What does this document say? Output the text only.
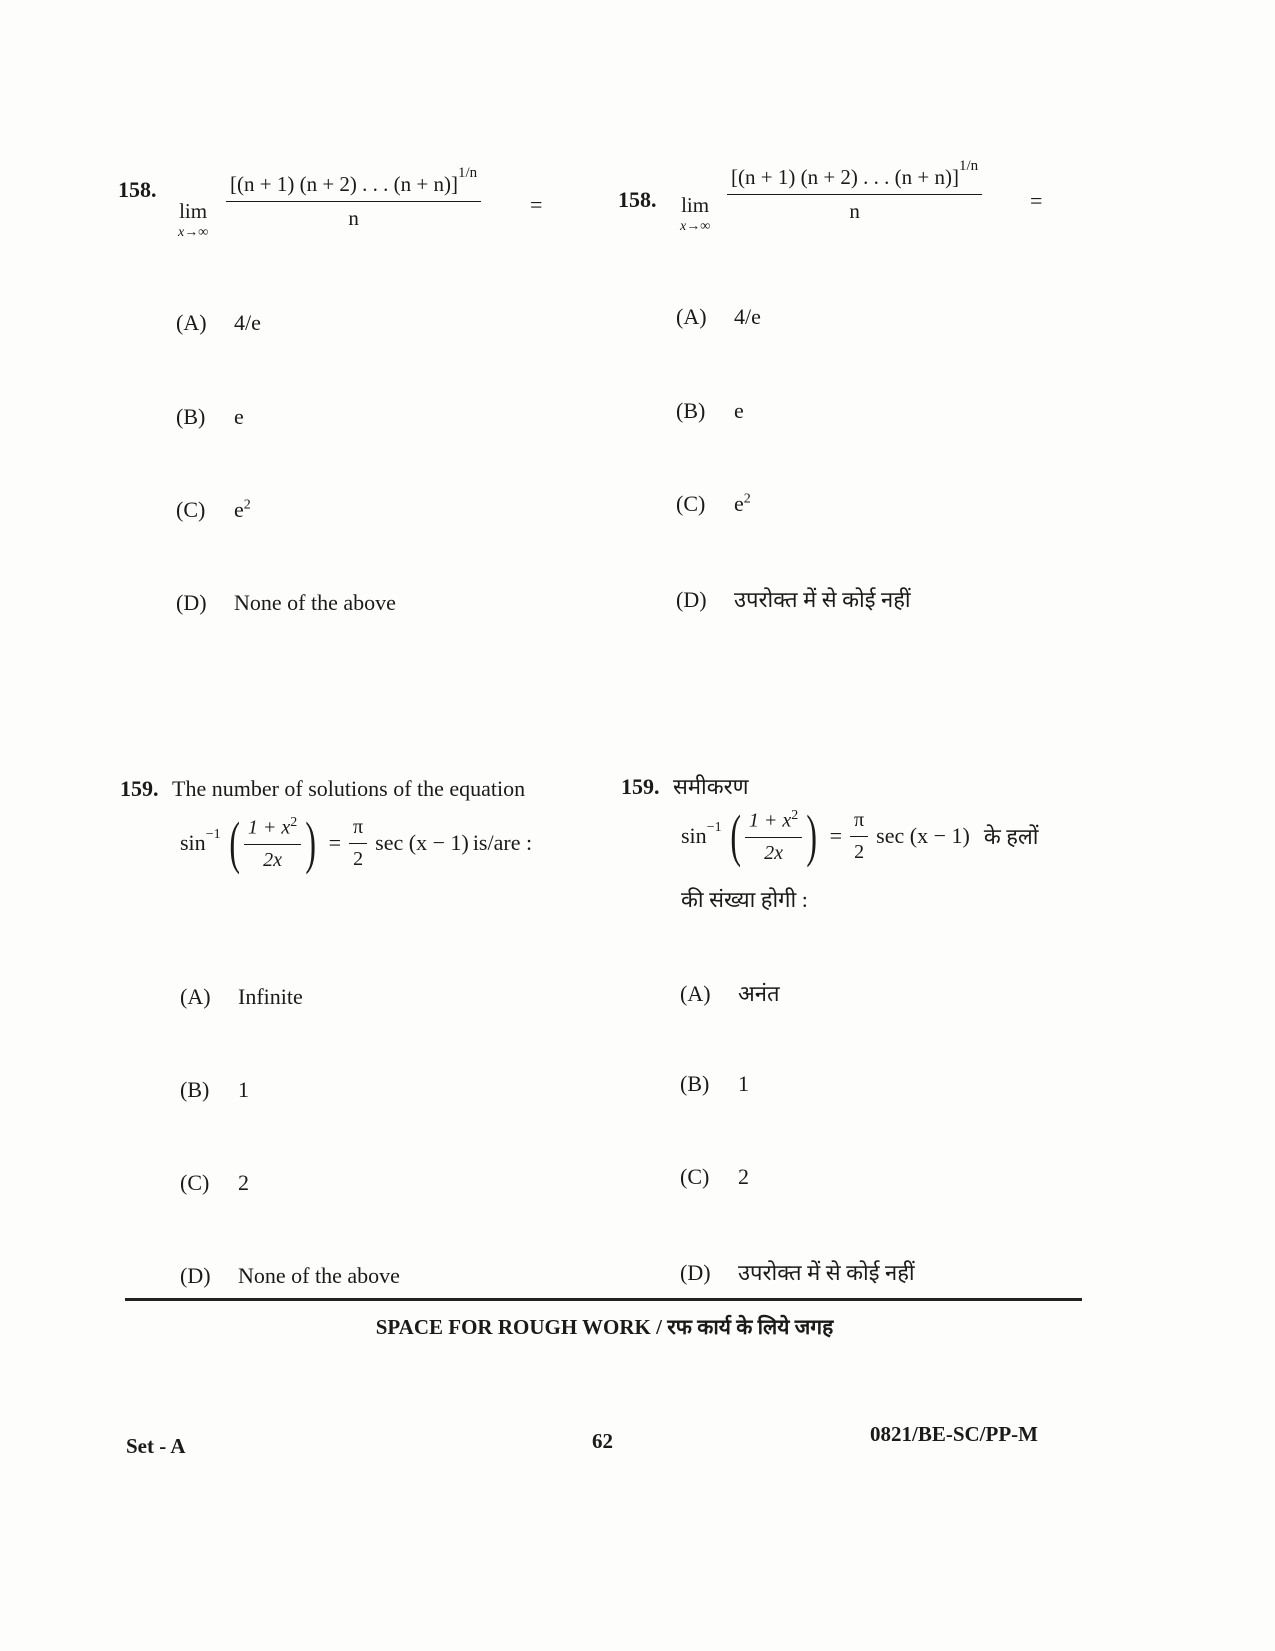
158.
lim
x→∞
$\frac{[(n + 1) (n + 2) . . . (n + n)]^{1/n}}{n}$ =
(A) 4/e
(B) e
(C) $e^2$
(D) None of the above
158. lim
x→∞
$\frac{[(n + 1) (n + 2) . . . (n + n)]^{1/n}}{n}$ =
(A) 4/e
(B) e
(C) $e^2$
(D) उपरोक्त में से कोई नहीं
159. The number of solutions of the equation
$\sin^{-1}$ ( $\frac{1 + x^2}{2x}$ ) = $\frac{\pi}{2}$ sec (x − 1) is/are :
(A) Infinite
(B) 1
(C) 2
(D) None of the above
159. समीकरण
$\sin^{-1}$ ( $\frac{1 + x^2}{2x}$ ) = $\frac{\pi}{2}$ sec (x − 1) के हलों
की संख्या होगी :
(A) अनंत
(B) 1
(C) 2
(D) उपरोक्त में से कोई नहीं
SPACE FOR ROUGH WORK / रफ कार्य के लिये जगह
Set - A	62	0821/BE-SC/PP-M
